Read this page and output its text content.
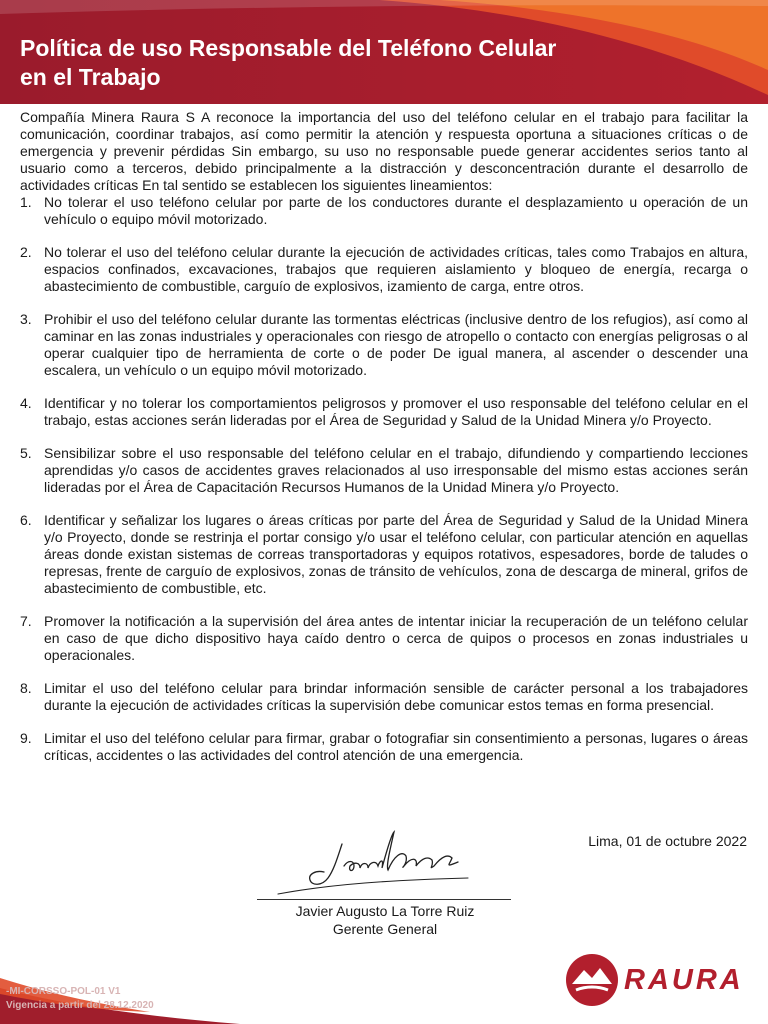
Política de uso Responsable del Teléfono Celular
en el Trabajo

Compañía Minera Raura S A reconoce la importancia del uso del teléfono celular en el trabajo para facilitar la comunicación, coordinar trabajos, así como permitir la atención y respuesta oportuna a situaciones críticas o de emergencia y prevenir pérdidas Sin embargo, su uso no responsable puede generar accidentes serios tanto al usuario como a terceros, debido principalmente a la distracción y desconcentración durante el desarrollo de actividades críticas En tal sentido se establecen los siguientes lineamientos:

1. No tolerar el uso teléfono celular por parte de los conductores durante el desplazamiento u operación de un vehículo o equipo móvil motorizado.
2. No tolerar el uso del teléfono celular durante la ejecución de actividades críticas, tales como Trabajos en altura, espacios confinados, excavaciones, trabajos que requieren aislamiento y bloqueo de energía, recarga o abastecimiento de combustible, carguío de explosivos, izamiento de carga, entre otros.
3. Prohibir el uso del teléfono celular durante las tormentas eléctricas (inclusive dentro de los refugios), así como al caminar en las zonas industriales y operacionales con riesgo de atropello o contacto con energías peligrosas o al operar cualquier tipo de herramienta de corte o de poder De igual manera, al ascender o descender una escalera, un vehículo o un equipo móvil motorizado.
4. Identificar y no tolerar los comportamientos peligrosos y promover el uso responsable del teléfono celular en el trabajo, estas acciones serán lideradas por el Área de Seguridad y Salud de la Unidad Minera y/o Proyecto.
5. Sensibilizar sobre el uso responsable del teléfono celular en el trabajo, difundiendo y compartiendo lecciones aprendidas y/o casos de accidentes graves relacionados al uso irresponsable del mismo estas acciones serán lideradas por el Área de Capacitación Recursos Humanos de la Unidad Minera y/o Proyecto.
6. Identificar y señalizar los lugares o áreas críticas por parte del Área de Seguridad y Salud de la Unidad Minera y/o Proyecto, donde se restrinja el portar consigo y/o usar el teléfono celular, con particular atención en aquellas áreas donde existan sistemas de correas transportadoras y equipos rotativos, espesadores, borde de taludes o represas, frente de carguío de explosivos, zonas de tránsito de vehículos, zona de descarga de mineral, grifos de abastecimiento de combustible, etc.
7. Promover la notificación a la supervisión del área antes de intentar iniciar la recuperación de un teléfono celular en caso de que dicho dispositivo haya caído dentro o cerca de quipos o procesos en zonas industriales u operacionales.
8. Limitar el uso del teléfono celular para brindar información sensible de carácter personal a los trabajadores durante la ejecución de actividades críticas la supervisión debe comunicar estos temas en forma presencial.
9. Limitar el uso del teléfono celular para firmar, grabar o fotografiar sin consentimiento a personas, lugares o áreas críticas, accidentes o las actividades del control atención de una emergencia.
Lima, 01 de octubre 2022
Javier Augusto La Torre Ruiz
Gerente General
-MI-CORSSO-POL-01 V1
Vigencia a partir del 28.12.2020
RAURA
